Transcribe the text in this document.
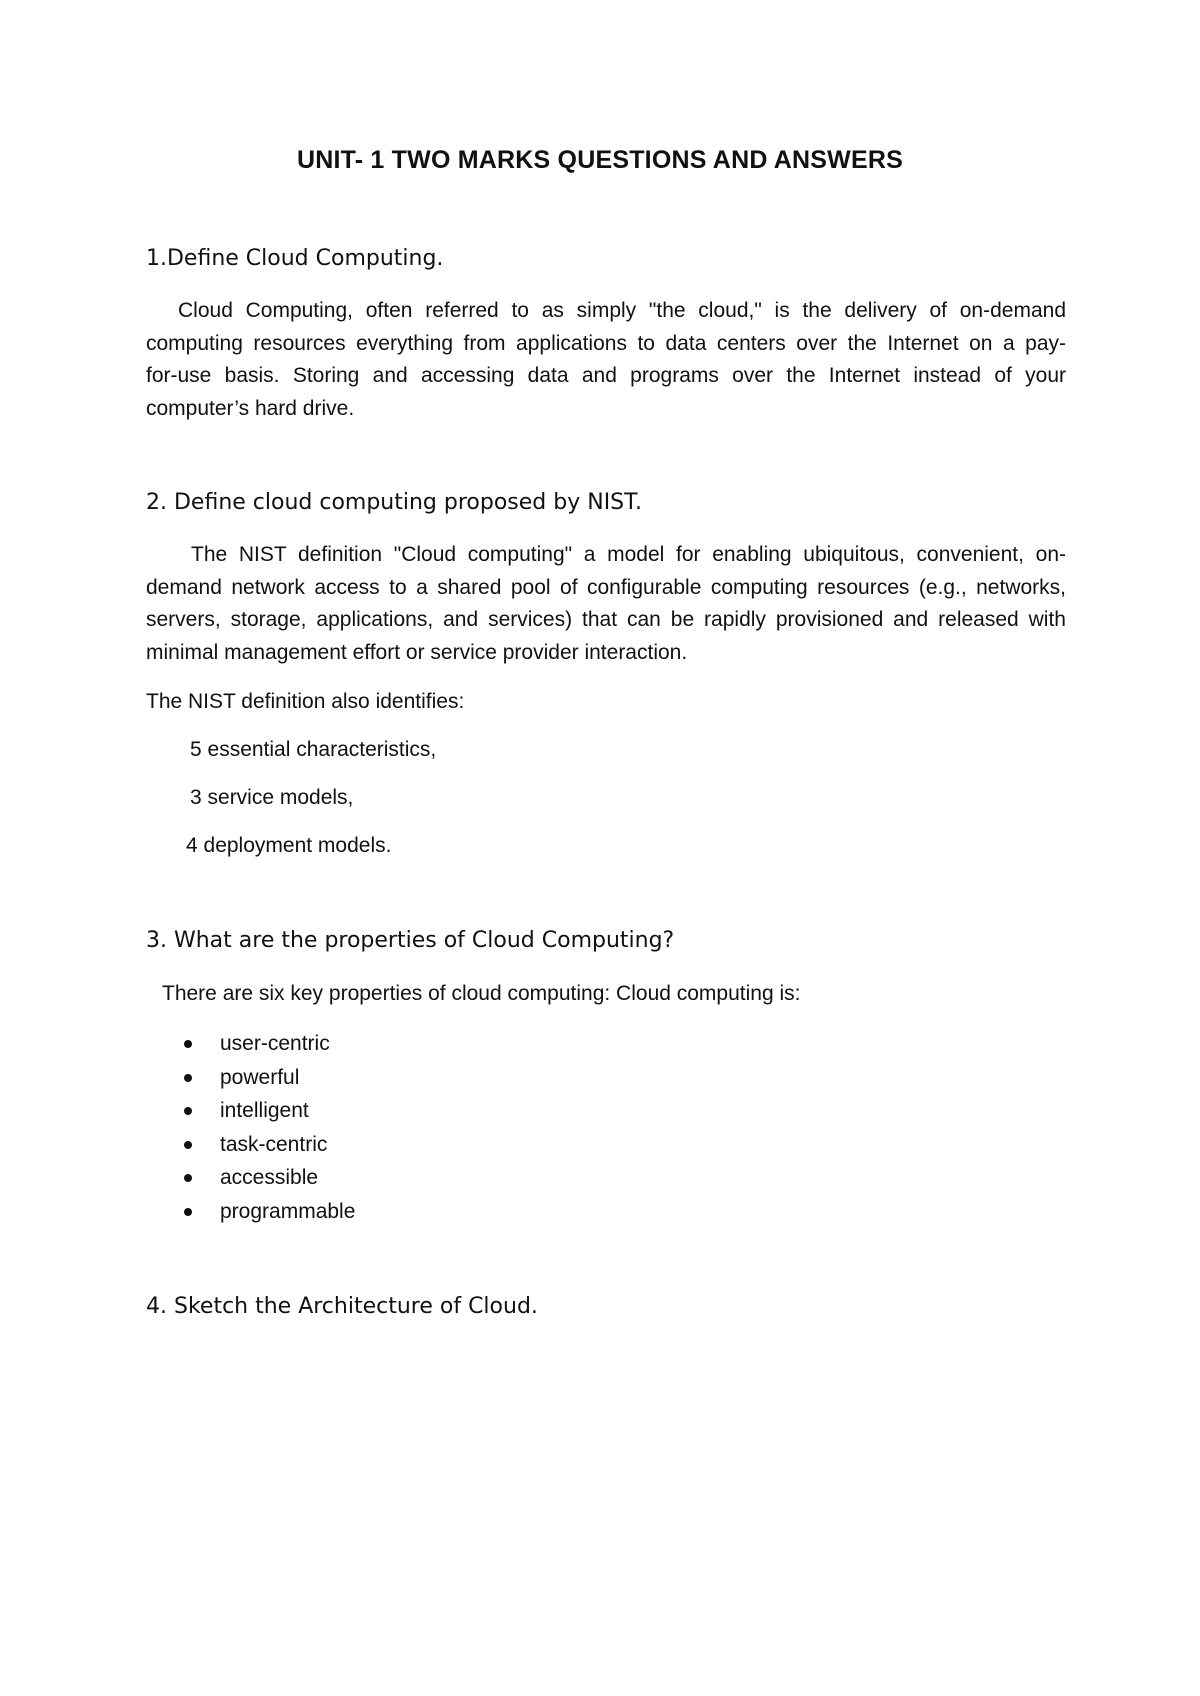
UNIT- 1 TWO MARKS QUESTIONS AND ANSWERS
1.Define Cloud Computing.
Cloud Computing, often referred to as simply "the cloud," is the delivery of on-demand
computing resources everything from applications to data centers over the Internet on a pay-
for-use basis. Storing and accessing data and programs over the Internet instead of your
computer’s hard drive.
2. Define cloud computing proposed by NIST.
The NIST definition "Cloud computing" a model for enabling ubiquitous, convenient, on-
demand network access to a shared pool of configurable computing resources (e.g., networks,
servers, storage, applications, and services) that can be rapidly provisioned and released with
minimal management effort or service provider interaction.
The NIST definition also identifies:
5 essential characteristics,
3 service models,
4 deployment models.
3. What are the properties of Cloud Computing?
There are six key properties of cloud computing: Cloud computing is:
user-centric
powerful
intelligent
task-centric
accessible
programmable
4. Sketch the Architecture of Cloud.
